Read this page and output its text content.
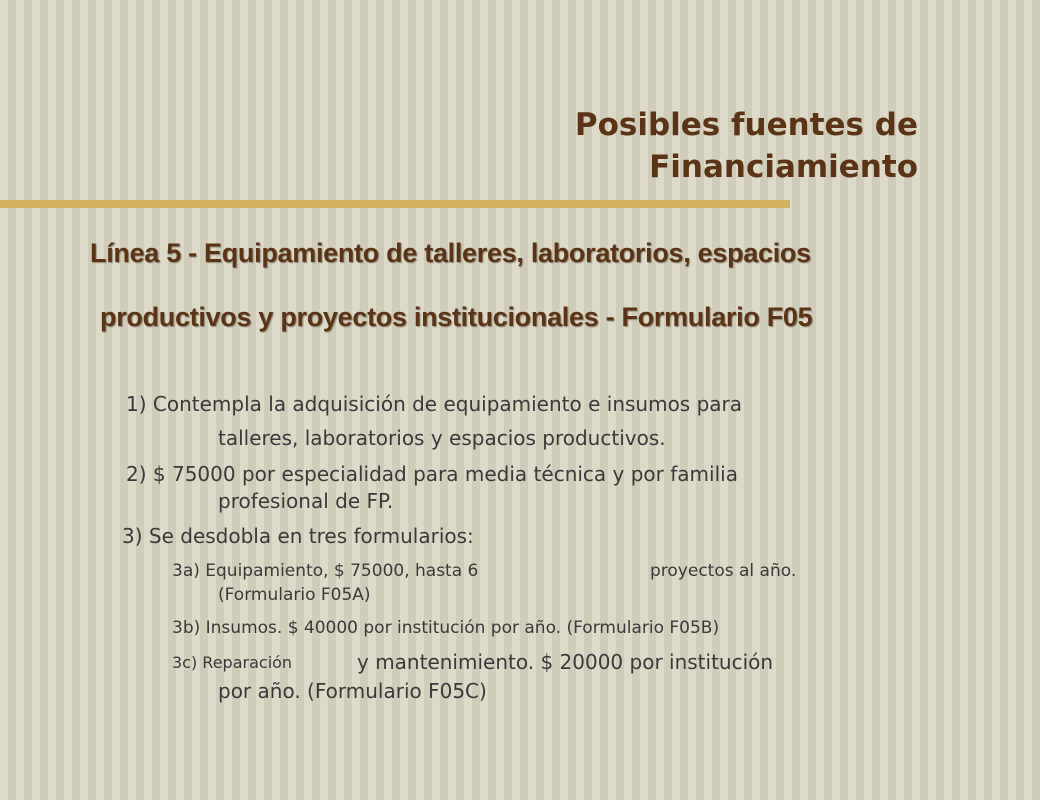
Posibles fuentes de
Financiamiento
Línea 5 - Equipamiento de talleres, laboratorios, espacios
productivos y proyectos institucionales - Formulario F05
1) Contempla la adquisición de equipamiento e insumos para
talleres, laboratorios y espacios productivos.
2) $ 75000 por especialidad para media técnica y por familia
profesional de FP.
3) Se desdobla en tres formularios:
3a) Equipamiento, $ 75000, hasta 6	proyectos al año.
(Formulario F05A)
3b) Insumos. $ 40000 por institución por año. (Formulario F05B)
3c) Reparación	y mantenimiento. $ 20000 por institución
por año. (Formulario F05C)
